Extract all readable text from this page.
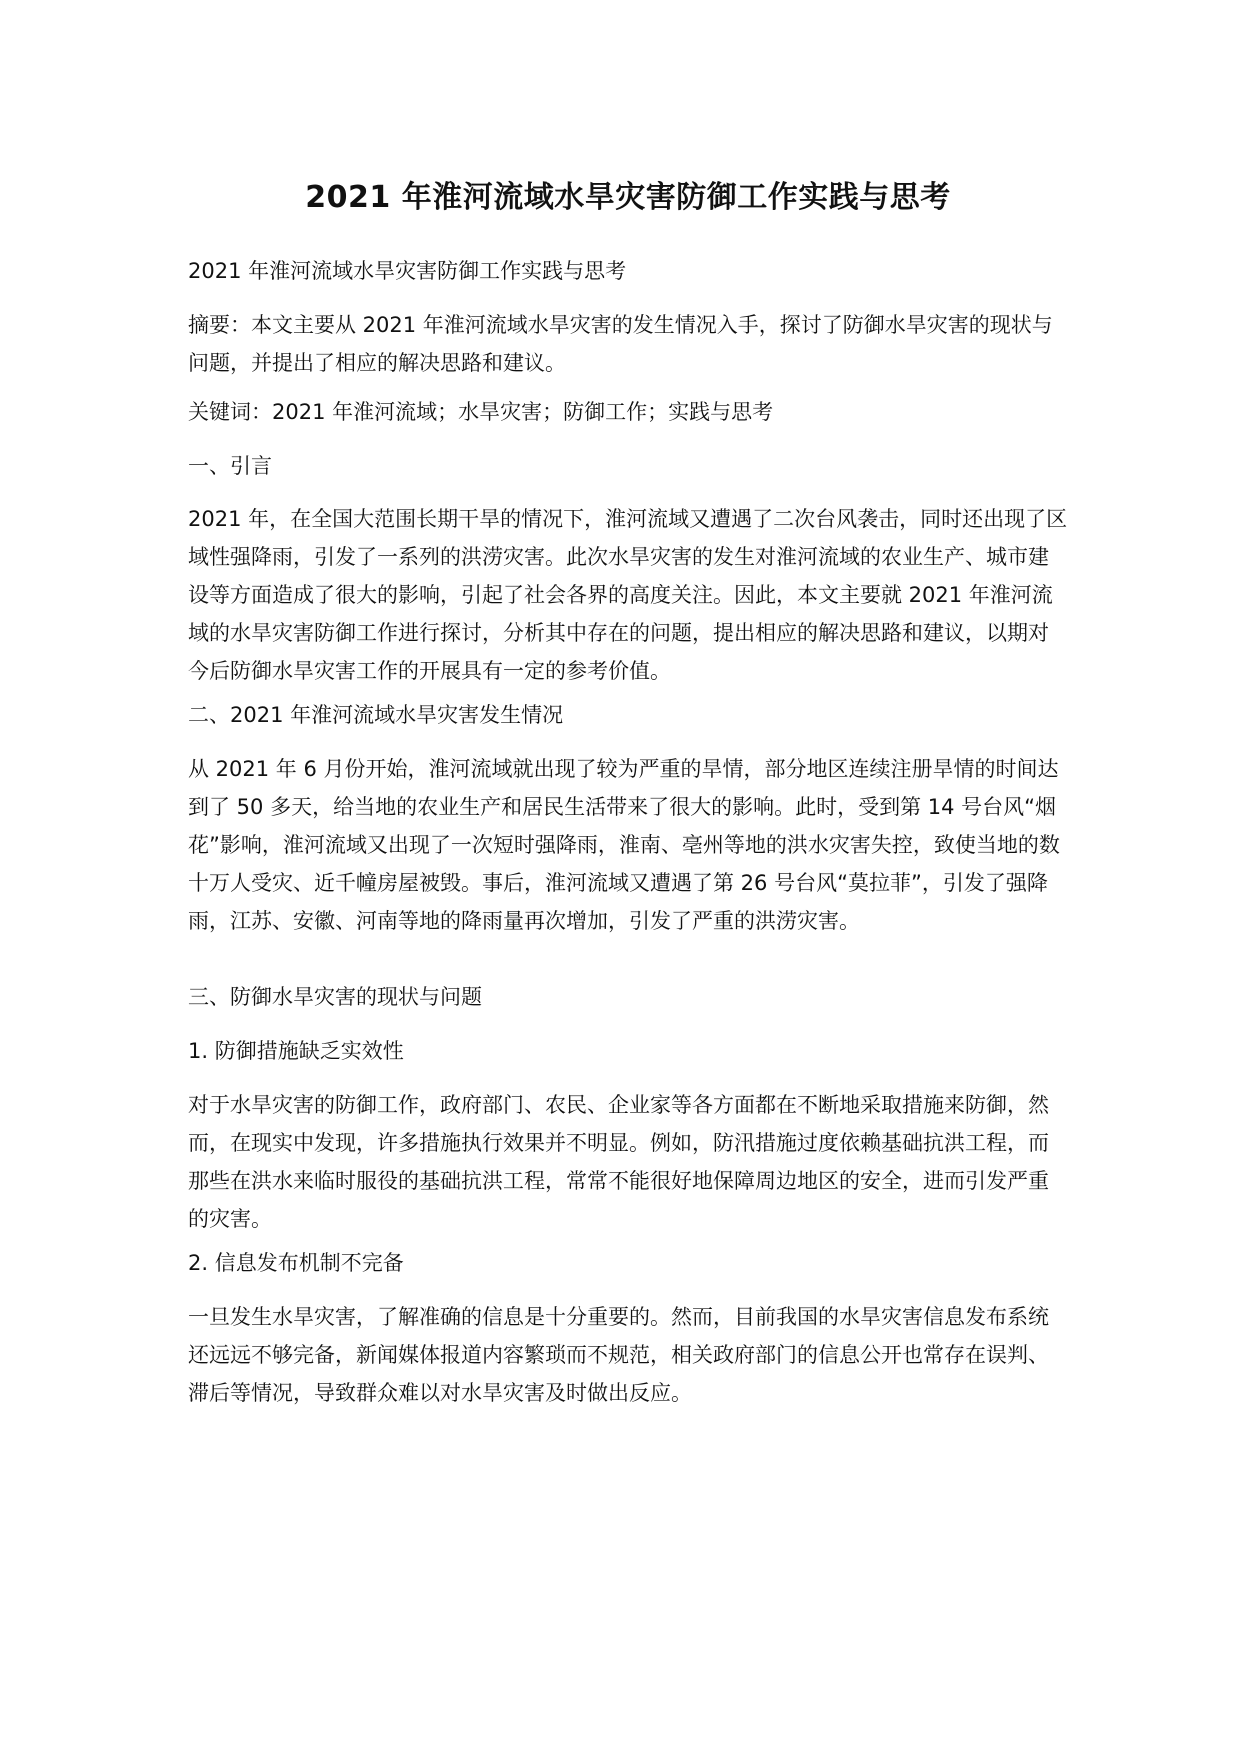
2021 年淮河流域水旱灾害防御工作实践与思考

2021 年淮河流域水旱灾害防御工作实践与思考

摘要：本文主要从 2021 年淮河流域水旱灾害的发生情况入手，探讨了防御水旱灾害的现状与问题，并提出了相应的解决思路和建议。

关键词：2021 年淮河流域；水旱灾害；防御工作；实践与思考

一、引言

2021 年，在全国大范围长期干旱的情况下，淮河流域又遭遇了二次台风袭击，同时还出现了区域性强降雨，引发了一系列的洪涝灾害。此次水旱灾害的发生对淮河流域的农业生产、城市建设等方面造成了很大的影响，引起了社会各界的高度关注。因此，本文主要就 2021 年淮河流域的水旱灾害防御工作进行探讨，分析其中存在的问题，提出相应的解决思路和建议，以期对今后防御水旱灾害工作的开展具有一定的参考价值。

二、2021 年淮河流域水旱灾害发生情况

从 2021 年 6 月份开始，淮河流域就出现了较为严重的旱情，部分地区连续注册旱情的时间达到了 50 多天，给当地的农业生产和居民生活带来了很大的影响。此时，受到第 14 号台风“烟花”影响，淮河流域又出现了一次短时强降雨，淮南、亳州等地的洪水灾害失控，致使当地的数十万人受灾、近千幢房屋被毁。事后，淮河流域又遭遇了第 26 号台风“莫拉菲”，引发了强降雨，江苏、安徽、河南等地的降雨量再次增加，引发了严重的洪涝灾害。

三、防御水旱灾害的现状与问题

1. 防御措施缺乏实效性

对于水旱灾害的防御工作，政府部门、农民、企业家等各方面都在不断地采取措施来防御，然而，在现实中发现，许多措施执行效果并不明显。例如，防汛措施过度依赖基础抗洪工程，而那些在洪水来临时服役的基础抗洪工程，常常不能很好地保障周边地区的安全，进而引发严重的灾害。

2. 信息发布机制不完备

一旦发生水旱灾害，了解准确的信息是十分重要的。然而，目前我国的水旱灾害信息发布系统还远远不够完备，新闻媒体报道内容繁琐而不规范，相关政府部门的信息公开也常存在误判、滞后等情况，导致群众难以对水旱灾害及时做出反应。
